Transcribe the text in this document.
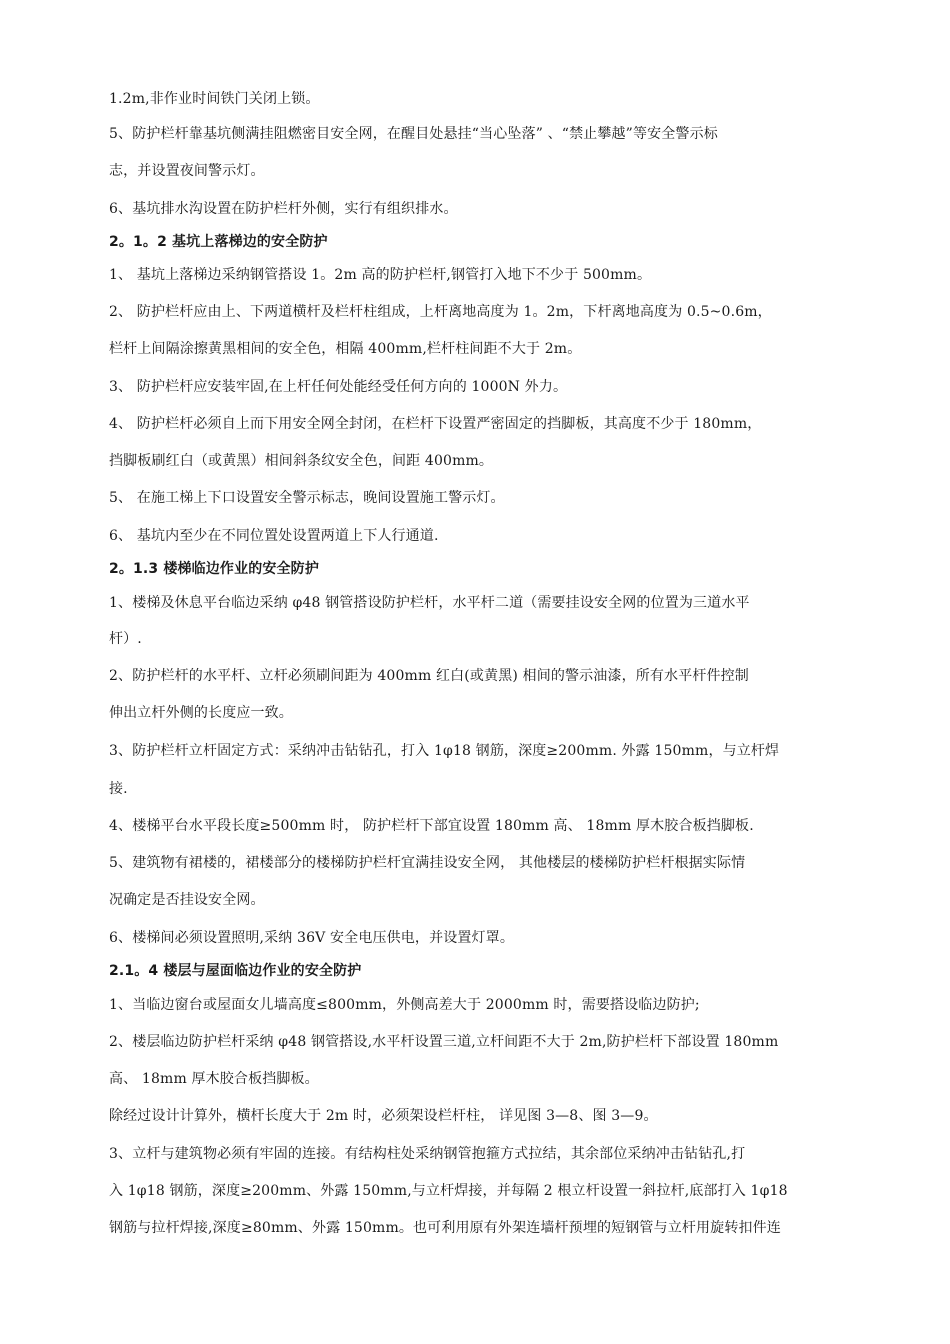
1.2m,非作业时间铁门关闭上锁。
5、防护栏杆靠基坑侧满挂阻燃密目安全网，在醒目处悬挂“当心坠落” 、“禁止攀越”等安全警示标
志，并设置夜间警示灯。
6、基坑排水沟设置在防护栏杆外侧，实行有组织排水。
2。1。2 基坑上落梯边的安全防护
1、 基坑上落梯边采纳钢管搭设 1。2m 高的防护栏杆,钢管打入地下不少于 500mm。
2、 防护栏杆应由上、下两道横杆及栏杆柱组成，上杆离地高度为 1。2m，下杆离地高度为 0.5~0.6m，
栏杆上间隔涂擦黄黑相间的安全色，相隔 400mm,栏杆柱间距不大于 2m。
3、 防护栏杆应安装牢固,在上杆任何处能经受任何方向的 1000N 外力。
4、 防护栏杆必须自上而下用安全网全封闭，在栏杆下设置严密固定的挡脚板，其高度不少于 180mm，
挡脚板刷红白（或黄黑）相间斜条纹安全色，间距 400mm。
5、 在施工梯上下口设置安全警示标志，晚间设置施工警示灯。
6、 基坑内至少在不同位置处设置两道上下人行通道.
2。1.3 楼梯临边作业的安全防护
1、楼梯及休息平台临边采纳 φ48 钢管搭设防护栏杆，水平杆二道（需要挂设安全网的位置为三道水平
杆）.
2、防护栏杆的水平杆、立杆必须刷间距为 400mm 红白(或黄黑) 相间的警示油漆，所有水平杆件控制
伸出立杆外侧的长度应一致。
3、防护栏杆立杆固定方式：采纳冲击钻钻孔，打入 1φ18 钢筋，深度≥200mm. 外露 150mm，与立杆焊
接.
4、楼梯平台水平段长度≥500mm 时， 防护栏杆下部宜设置 180mm 高、 18mm 厚木胶合板挡脚板.
5、建筑物有裙楼的，裙楼部分的楼梯防护栏杆宜满挂设安全网， 其他楼层的楼梯防护栏杆根据实际情
况确定是否挂设安全网。
6、楼梯间必须设置照明,采纳 36V 安全电压供电，并设置灯罩。
2.1。4 楼层与屋面临边作业的安全防护
1、当临边窗台或屋面女儿墙高度≤800mm，外侧高差大于 2000mm 时，需要搭设临边防护;
2、楼层临边防护栏杆采纳 φ48 钢管搭设,水平杆设置三道,立杆间距不大于 2m,防护栏杆下部设置 180mm
高、 18mm 厚木胶合板挡脚板。
除经过设计计算外，横杆长度大于 2m 时，必须架设栏杆柱， 详见图 3—8、图 3—9。
3、立杆与建筑物必须有牢固的连接。有结构柱处采纳钢管抱箍方式拉结，其余部位采纳冲击钻钻孔,打
入 1φ18 钢筋，深度≥200mm、外露 150mm,与立杆焊接，并每隔 2 根立杆设置一斜拉杆,底部打入 1φ18
钢筋与拉杆焊接,深度≥80mm、外露 150mm。也可利用原有外架连墙杆预埋的短钢管与立杆用旋转扣件连
